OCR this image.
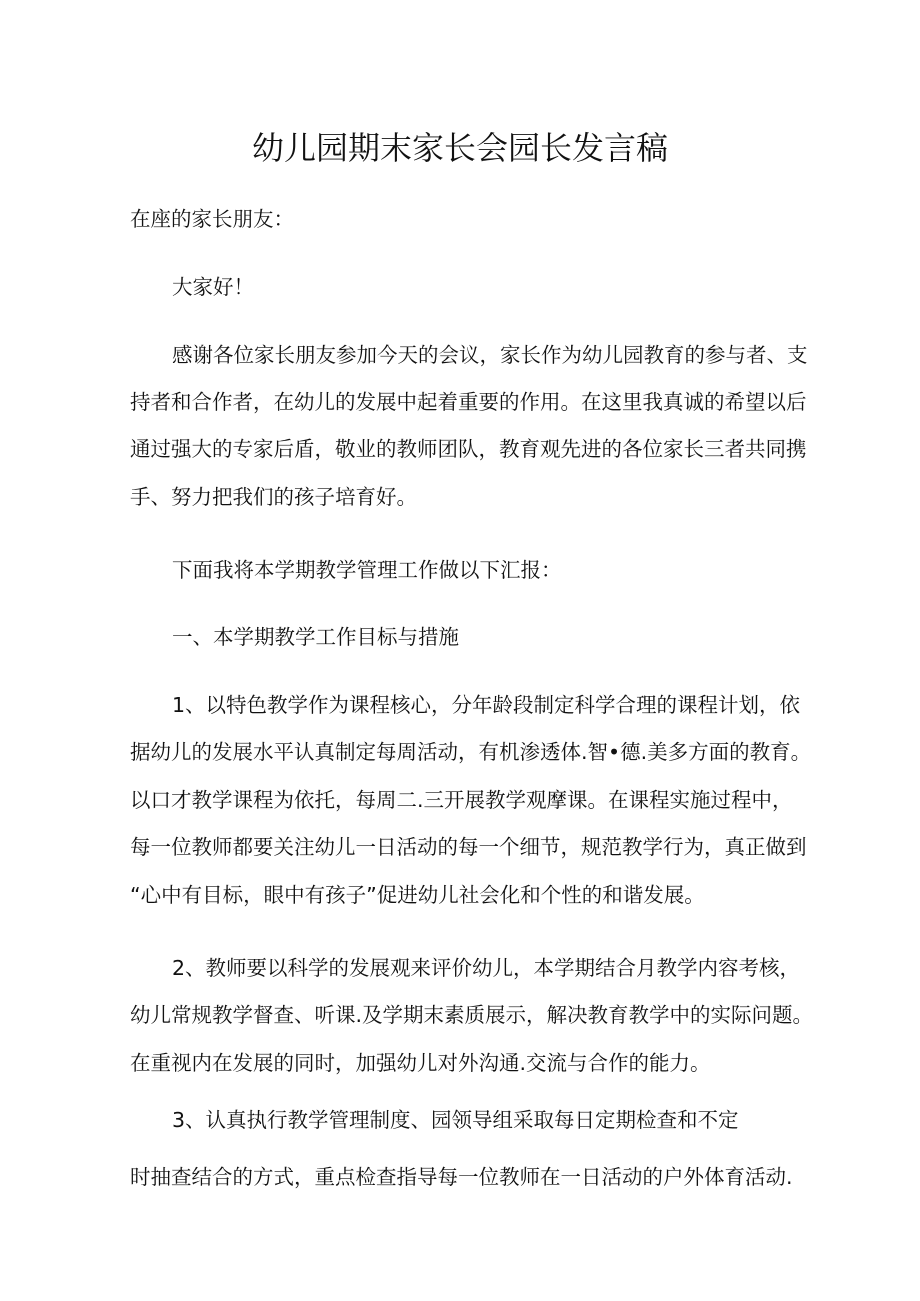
幼儿园期末家长会园长发言稿
在座的家长朋友：
大家好！
感谢各位家长朋友参加今天的会议，家长作为幼儿园教育的参与者、支
持者和合作者，在幼儿的发展中起着重要的作用。在这里我真诚的希望以后
通过强大的专家后盾，敬业的教师团队，教育观先进的各位家长三者共同携
手、努力把我们的孩子培育好。
下面我将本学期教学管理工作做以下汇报：
一、本学期教学工作目标与措施
1、以特色教学作为课程核心，分年龄段制定科学合理的课程计划，依
据幼儿的发展水平认真制定每周活动，有机渗透体.智•德.美多方面的教育。
以口才教学课程为依托，每周二.三开展教学观摩课。在课程实施过程中，
每一位教师都要关注幼儿一日活动的每一个细节，规范教学行为，真正做到
“心中有目标，眼中有孩子”促进幼儿社会化和个性的和谐发展。
2、教师要以科学的发展观来评价幼儿，本学期结合月教学内容考核，
幼儿常规教学督查、听课.及学期末素质展示，解决教育教学中的实际问题。
在重视内在发展的同时，加强幼儿对外沟通.交流与合作的能力。
3、认真执行教学管理制度、园领导组采取每日定期检查和不定
时抽查结合的方式，重点检查指导每一位教师在一日活动的户外体育活动.
